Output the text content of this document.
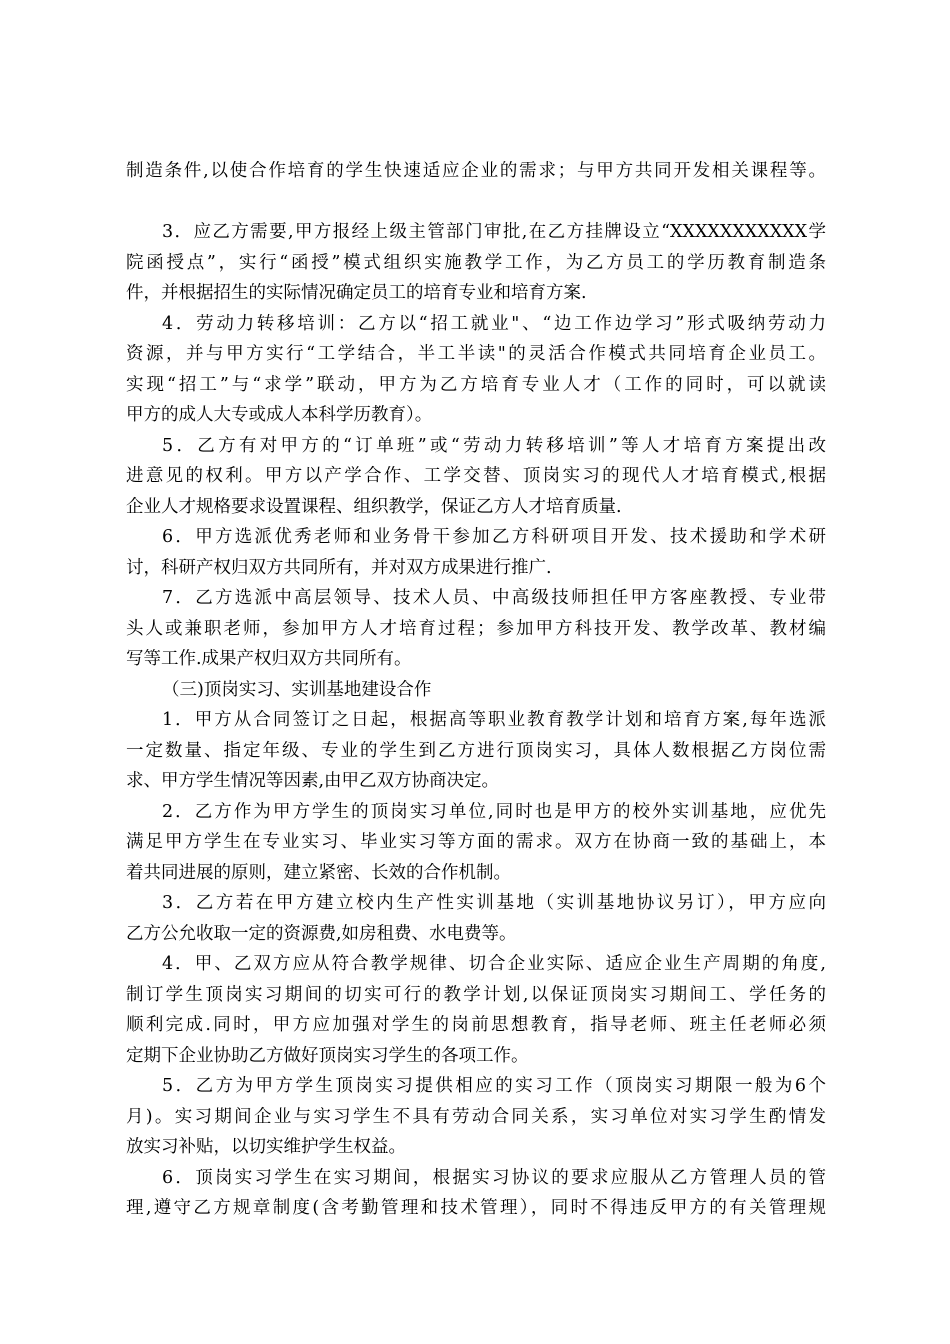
制造条件,以使合作培育的学生快速适应企业的需求；与甲方共同开发相关课程等。
3．应乙方需要,甲方报经上级主管部门审批,在乙方挂牌设立“XXXXXXXXXXX学
院函授点”，实行“函授”模式组织实施教学工作，为乙方员工的学历教育制造条
件，并根据招生的实际情况确定员工的培育专业和培育方案.
4．劳动力转移培训：乙方以“招工就业"、“边工作边学习”形式吸纳劳动力
资源，并与甲方实行“工学结合，半工半读"的灵活合作模式共同培育企业员工。
实现“招工”与“求学”联动，甲方为乙方培育专业人才（工作的同时，可以就读
甲方的成人大专或成人本科学历教育）。
5．乙方有对甲方的“订单班”或“劳动力转移培训”等人才培育方案提出改
进意见的权利。甲方以产学合作、工学交替、顶岗实习的现代人才培育模式,根据
企业人才规格要求设置课程、组织教学，保证乙方人才培育质量.
6．甲方选派优秀老师和业务骨干参加乙方科研项目开发、技术援助和学术研
讨，科研产权归双方共同所有，并对双方成果进行推广.
7．乙方选派中高层领导、技术人员、中高级技师担任甲方客座教授、专业带
头人或兼职老师，参加甲方人才培育过程；参加甲方科技开发、教学改革、教材编
写等工作.成果产权归双方共同所有。
（三)顶岗实习、实训基地建设合作
1．甲方从合同签订之日起，根据高等职业教育教学计划和培育方案,每年选派
一定数量、指定年级、专业的学生到乙方进行顶岗实习，具体人数根据乙方岗位需
求、甲方学生情况等因素,由甲乙双方协商决定。
2．乙方作为甲方学生的顶岗实习单位,同时也是甲方的校外实训基地，应优先
满足甲方学生在专业实习、毕业实习等方面的需求。双方在协商一致的基础上，本
着共同进展的原则，建立紧密、长效的合作机制。
3．乙方若在甲方建立校内生产性实训基地（实训基地协议另订），甲方应向
乙方公允收取一定的资源费,如房租费、水电费等。
4．甲、乙双方应从符合教学规律、切合企业实际、适应企业生产周期的角度,
制订学生顶岗实习期间的切实可行的教学计划,以保证顶岗实习期间工、学任务的
顺利完成.同时，甲方应加强对学生的岗前思想教育，指导老师、班主任老师必须
定期下企业协助乙方做好顶岗实习学生的各项工作。
5．乙方为甲方学生顶岗实习提供相应的实习工作（顶岗实习期限一般为6个
月)。实习期间企业与实习学生不具有劳动合同关系，实习单位对实习学生酌情发
放实习补贴，以切实维护学生权益。
6．顶岗实习学生在实习期间，根据实习协议的要求应服从乙方管理人员的管
理,遵守乙方规章制度(含考勤管理和技术管理），同时不得违反甲方的有关管理规
